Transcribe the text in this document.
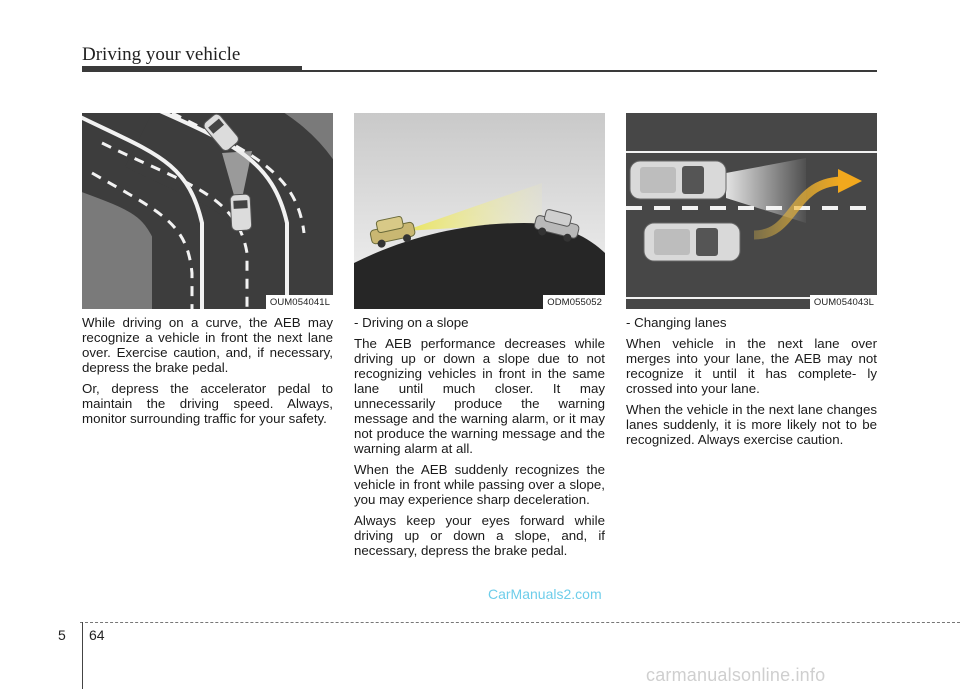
Driving your vehicle
OUM054041L

While driving on a curve, the AEB may recognize a vehicle in front the next lane over. Exercise caution, and, if necessary, depress the brake pedal.

Or, depress the accelerator pedal to maintain the driving speed. Always, monitor surrounding traffic for your safety.

ODM055052

- Driving on a slope

The AEB performance decreases while driving up or down a slope due to not recognizing vehicles in front in the same lane until much closer. It may unnecessarily produce the warning message and the warning alarm, or it may not produce the warning message and the warning alarm at all.

When the AEB suddenly recognizes the vehicle in front while passing over a slope, you may experience sharp deceleration.

Always keep your eyes forward while driving up or down a slope, and, if necessary, depress the brake pedal.

OUM054043L

- Changing lanes

When vehicle in the next lane over merges into your lane, the AEB may not recognize it until it has complete- ly crossed into your lane.

When the vehicle in the next lane changes lanes suddenly, it is more likely not to be recognized. Always exercise caution.

5 64
CarManuals2.com
carmanualsonline.info
